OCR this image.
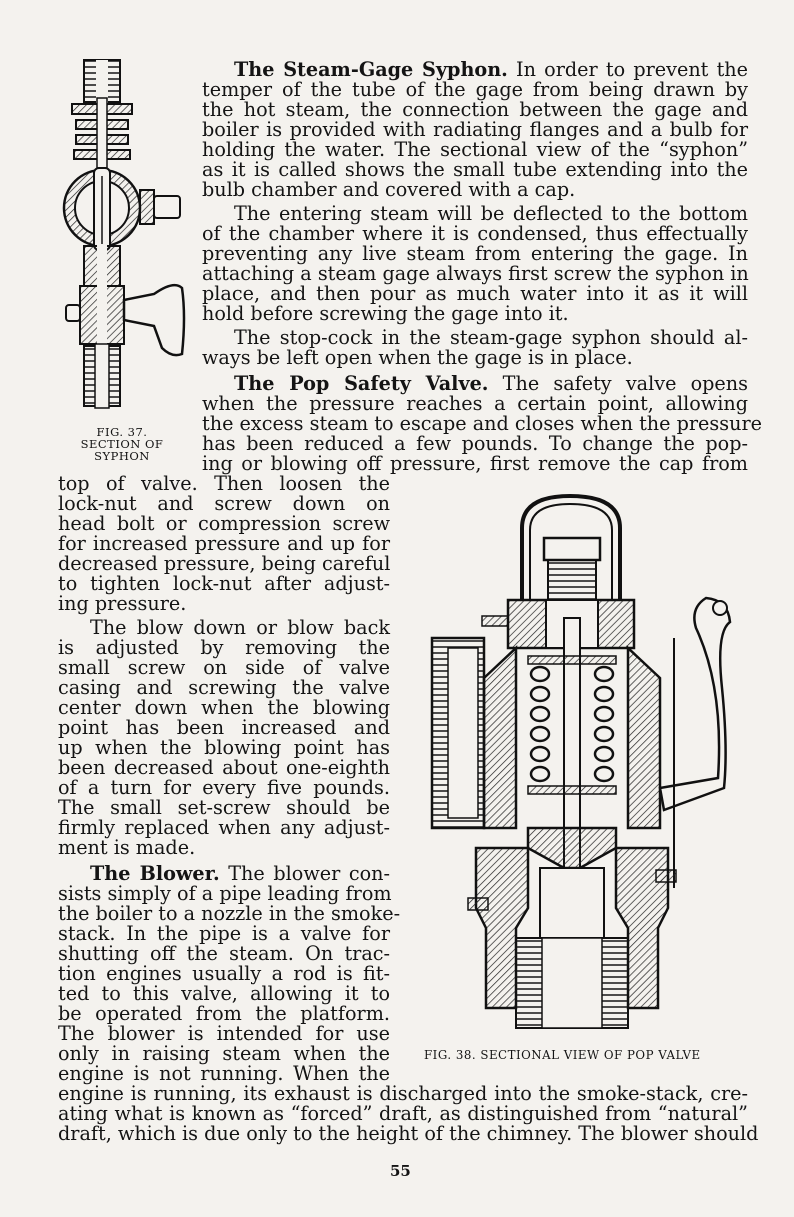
FIG. 37.
SECTION OF
SYPHON
FIG. 38. SECTIONAL VIEW OF POP VALVE
The Steam-Gage Syphon. In order to prevent the
temper of the tube of the gage from being drawn by
the hot steam, the connection between the gage and
boiler is provided with radiating flanges and a bulb for
holding the water. The sectional view of the “syphon”
as it is called shows the small tube extending into the
bulb chamber and covered with a cap.
The entering steam will be deflected to the bottom
of the chamber where it is condensed, thus effectually
preventing any live steam from entering the gage. In
attaching a steam gage always first screw the syphon in
place, and then pour as much water into it as it will
hold before screwing the gage into it.
The stop-cock in the steam-gage syphon should al-
ways be left open when the gage is in place.
The Pop Safety Valve. The safety valve opens
when the pressure reaches a certain point, allowing
the excess steam to escape and closes when the pressure
has been reduced a few pounds. To change the pop-
ing or blowing off pressure, first remove the cap from
top of valve. Then loosen the
lock-nut and screw down on
head bolt or compression screw
for increased pressure and up for
decreased pressure, being careful
to tighten lock-nut after adjust-
ing pressure.
The blow down or blow back
is adjusted by removing the
small screw on side of valve
casing and screwing the valve
center down when the blowing
point has been increased and
up when the blowing point has
been decreased about one-eighth
of a turn for every five pounds.
The small set-screw should be
firmly replaced when any adjust-
ment is made.
The Blower. The blower con-
sists simply of a pipe leading from
the boiler to a nozzle in the smoke-
stack. In the pipe is a valve for
shutting off the steam. On trac-
tion engines usually a rod is fit-
ted to this valve, allowing it to
be operated from the platform.
The blower is intended for use
only in raising steam when the
engine is not running. When the
engine is running, its exhaust is discharged into the smoke-stack, cre-
ating what is known as “forced” draft, as distinguished from “natural”
draft, which is due only to the height of the chimney. The blower should
55
